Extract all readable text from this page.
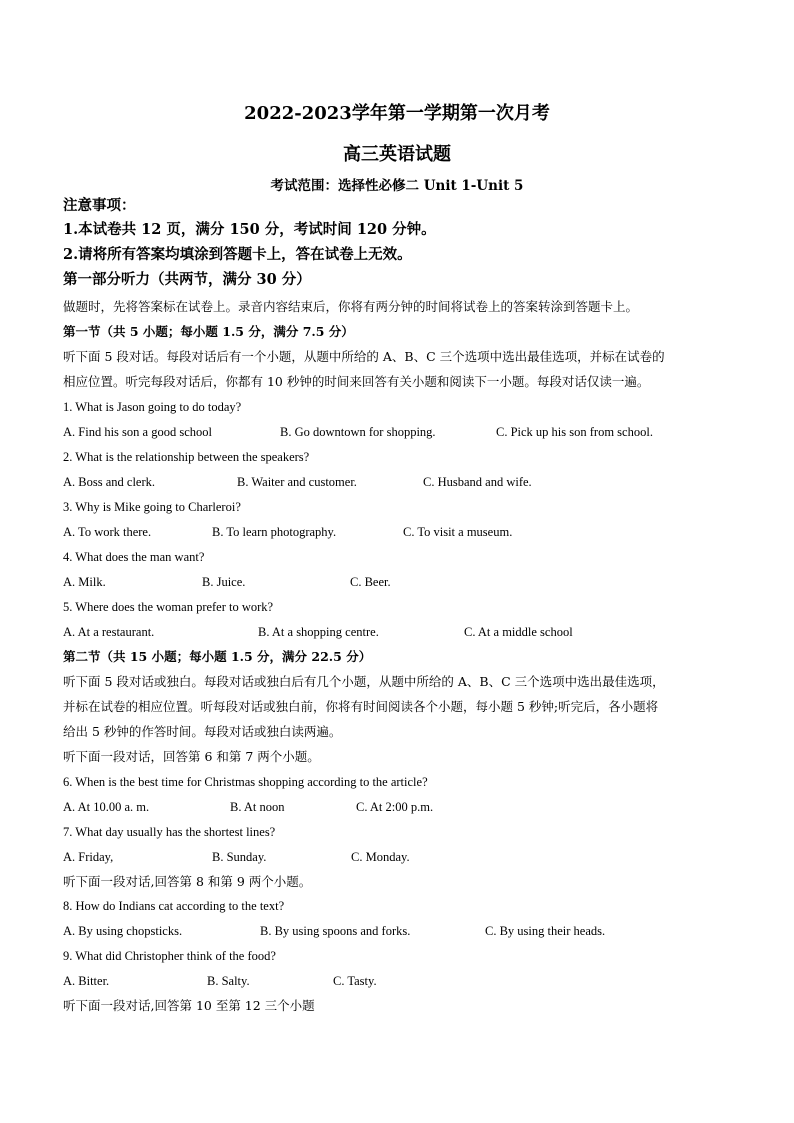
2022-2023学年第一学期第一次月考
高三英语试题
考试范围：选择性必修二 Unit 1-Unit 5
注意事项：
1.本试卷共 12 页，满分 150 分，考试时间 120 分钟。
2.请将所有答案均填涂到答题卡上，答在试卷上无效。
第一部分听力（共两节，满分 30 分）
做题时，先将答案标在试卷上。录音内容结束后，你将有两分钟的时间将试卷上的答案转涂到答题卡上。
第一节（共 5 小题；每小题 1.5 分，满分 7.5 分）
听下面 5 段对话。每段对话后有一个小题，从题中所给的 A、B、C 三个选项中选出最佳选项，并标在试卷的
相应位置。听完每段对话后，你都有 10 秒钟的时间来回答有关小题和阅读下一小题。每段对话仅读一遍。
1. What is Jason going to do today?
A. Find his son a good school	B. Go downtown for shopping.	C. Pick up his son from school.
2. What is the relationship between the speakers?
A. Boss and clerk.	B. Waiter and customer.	C. Husband and wife.
3. Why is Mike going to Charleroi?
A. To work there.	B. To learn photography.	C. To visit a museum.
4. What does the man want?
A. Milk.	B. Juice.	C. Beer.
5. Where does the woman prefer to work?
A. At a restaurant.	B. At a shopping centre.	C. At a middle school
第二节（共 15 小题；每小题 1.5 分，满分 22.5 分）
听下面 5 段对话或独白。每段对话或独白后有几个小题，从题中所给的 A、B、C 三个选项中选出最佳选项，
并标在试卷的相应位置。听每段对话或独白前，你将有时间阅读各个小题，每小题 5 秒钟;听完后，各小题将
给出 5 秒钟的作答时间。每段对话或独白读两遍。
听下面一段对话，回答第 6 和第 7 两个小题。
6. When is the best time for Christmas shopping according to the article?
A. At 10.00 a. m.	B. At noon	C. At 2:00 p.m.
7. What day usually has the shortest lines?
A. Friday,	B. Sunday.	C. Monday.
听下面一段对话,回答第 8 和第 9 两个小题。
8. How do Indians cat according to the text?
A. By using chopsticks.	B. By using spoons and forks.	C. By using their heads.
9. What did Christopher think of the food?
A. Bitter.	B. Salty.	C. Tasty.
听下面一段对话,回答第 10 至第 12 三个小题
